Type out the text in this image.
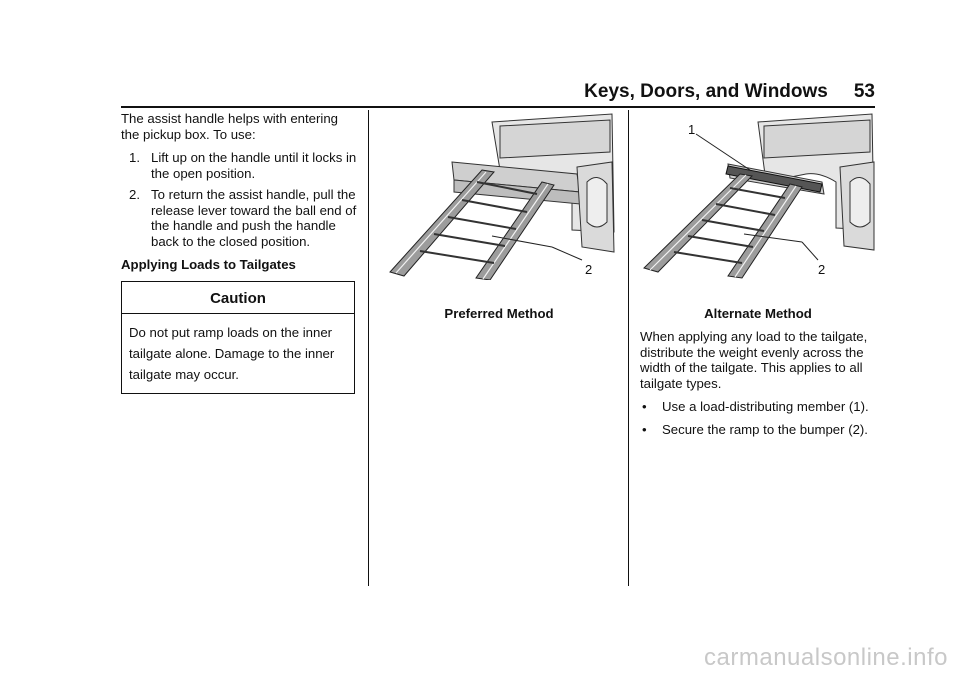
Keys, Doors, and Windows 53

The assist handle helps with entering the pickup box. To use:

1. Lift up on the handle until it locks in the open position.
2. To return the assist handle, pull the release lever toward the ball end of the handle and push the handle back to the closed position.

Applying Loads to Tailgates

Caution
Do not put ramp loads on the inner tailgate alone. Damage to the inner tailgate may occur.
2
Preferred Method
1
2
Alternate Method

When applying any load to the tailgate, distribute the weight evenly across the width of the tailgate. This applies to all tailgate types.

• Use a load-distributing member (1).
• Secure the ramp to the bumper (2).
carmanualsonline.info
